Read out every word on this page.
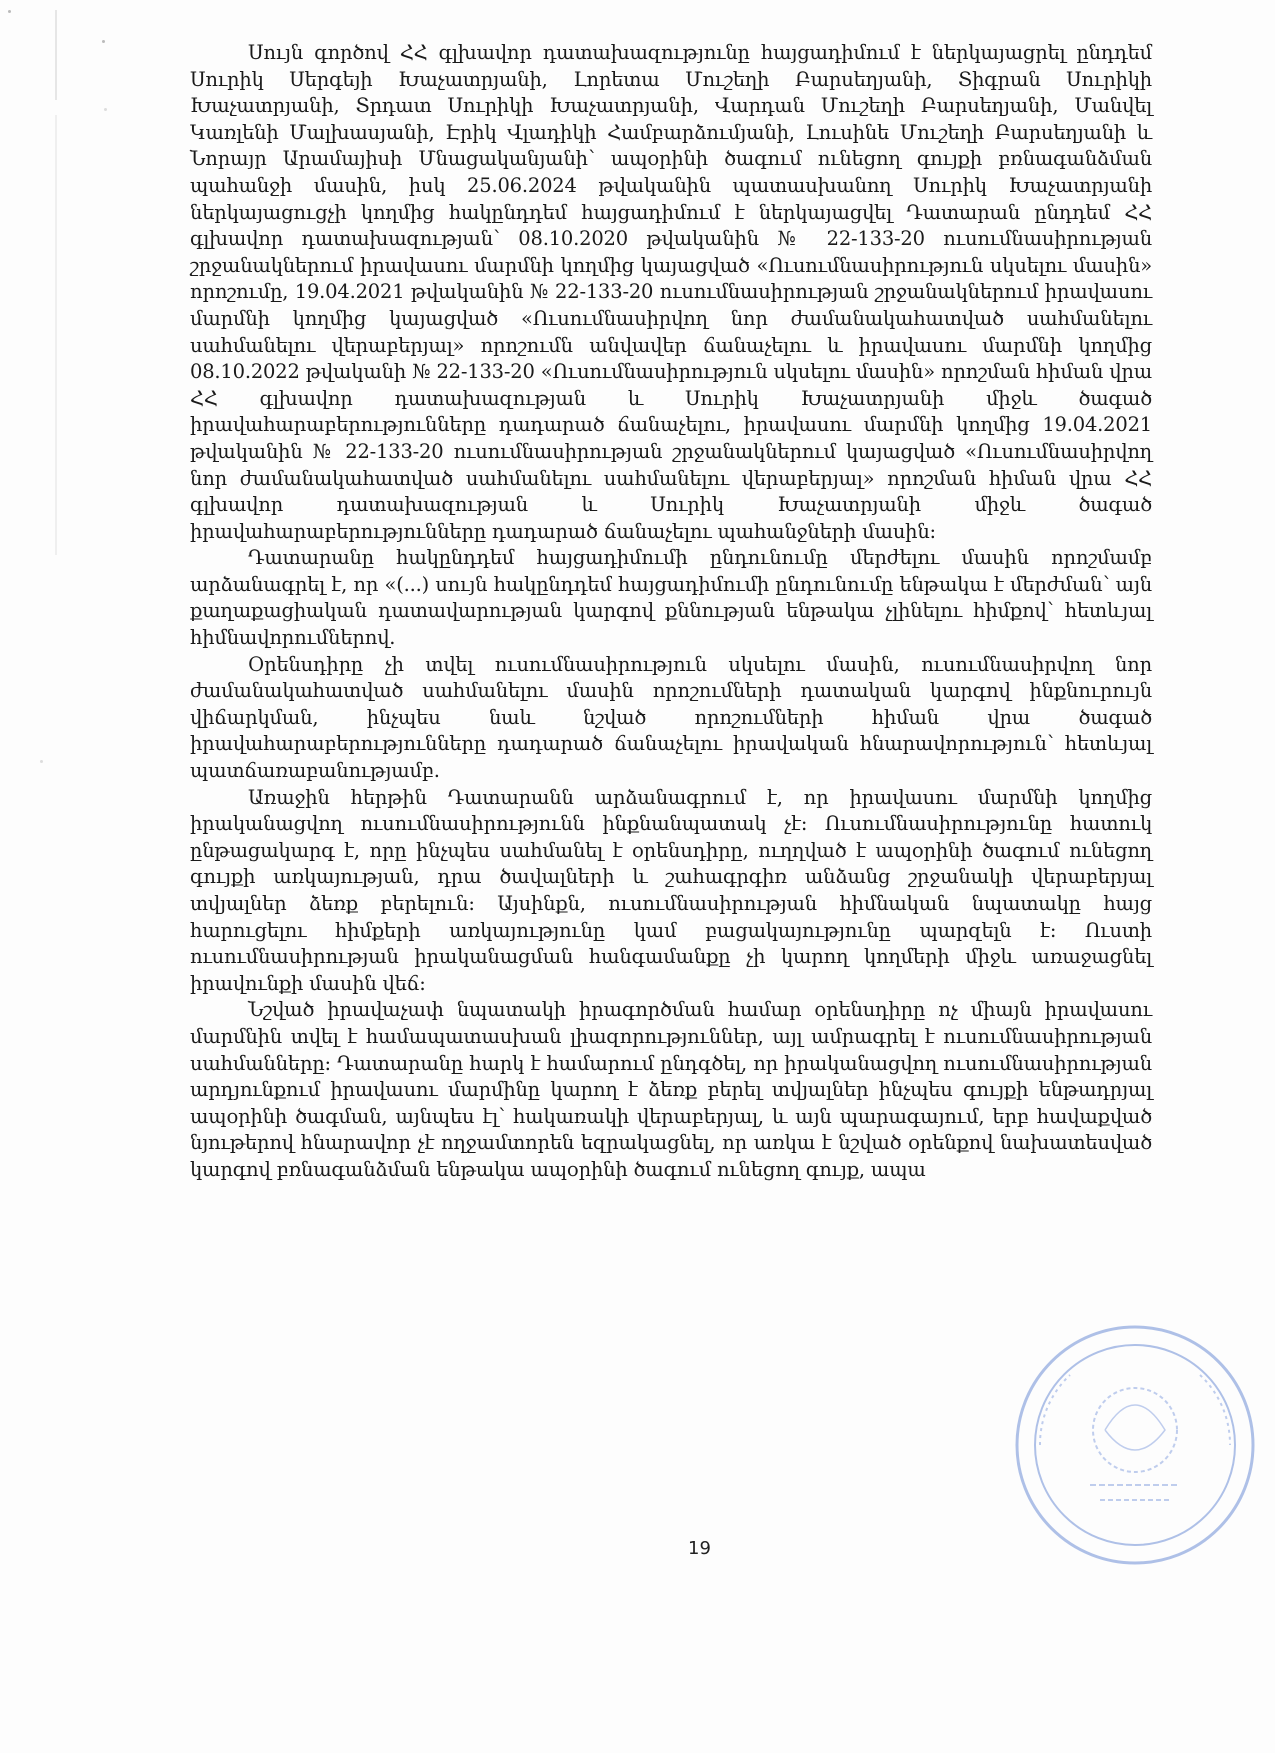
Սույն գործով ՀՀ գլխավոր դատախազությունը հայցադիմում է ներկայացրել ընդդեմ Սուրիկ Սերգեյի Խաչատրյանի, Լորետա Մուշեղի Բարսեղյանի, Տիգրան Սուրիկի Խաչատրյանի, Տրդատ Սուրիկի Խաչատրյանի, Վարդան Մուշեղի Բարսեղյանի, Մանվել Կառլենի Մալխասյանի, Էրիկ Վլադիկի Համբարձումյանի, Լուսինե Մուշեղի Բարսեղյանի և Նորայր Արամայիսի Մնացականյանի՝ ապօրինի ծագում ունեցող գույքի բռնագանձման պահանջի մասին, իսկ 25.06.2024 թվականին պատասխանող Սուրիկ Խաչատրյանի ներկայացուցչի կողմից հակընդդեմ հայցադիմում է ներկայացվել Դատարան ընդդեմ ՀՀ գլխավոր դատախազության՝ 08.10.2020 թվականին № 22-133-20 ուսումնասիրության շրջանակներում իրավասու մարմնի կողմից կայացված «Ուսումնասիրություն սկսելու մասին» որոշումը, 19.04.2021 թվականին № 22-133-20 ուսումնասիրության շրջանակներում իրավասու մարմնի կողմից կայացված «Ուսումնասիրվող նոր ժամանակահատված սահմանելու սահմանելու վերաբերյալ» որոշումն անվավեր ճանաչելու և իրավասու մարմնի կողմից 08.10.2022 թվականի № 22-133-20 «Ուսումնասիրություն սկսելու մասին» որոշման հիման վրա ՀՀ գլխավոր դատախազության և Սուրիկ Խաչատրյանի միջև ծագած իրավահարաբերությունները դադարած ճանաչելու, իրավասու մարմնի կողմից 19.04.2021 թվականին № 22-133-20 ուսումնասիրության շրջանակներում կայացված «Ուսումնասիրվող նոր ժամանակահատված սահմանելու սահմանելու վերաբերյալ» որոշման հիման վրա ՀՀ գլխավոր դատախազության և Սուրիկ Խաչատրյանի միջև ծագած իրավահարաբերությունները դադարած ճանաչելու պահանջների մասին:

Դատարանը հակընդդեմ հայցադիմումի ընդունումը մերժելու մասին որոշմամբ արձանագրել է, որ «(...) սույն հակընդդեմ հայցադիմումի ընդունումը ենթակա է մերժման՝ այն քաղաքացիական դատավարության կարգով քննության ենթակա չլինելու հիմքով՝ հետևյալ հիմնավորումներով.

Օրենսդիրը չի տվել ուսումնասիրություն սկսելու մասին, ուսումնասիրվող նոր ժամանակահատված սահմանելու մասին որոշումների դատական կարգով ինքնուրույն վիճարկման, ինչպես նաև նշված որոշումների հիման վրա ծագած իրավահարաբերությունները դադարած ճանաչելու իրավական հնարավորություն՝ հետևյալ պատճառաբանությամբ.

Առաջին հերթին Դատարանն արձանագրում է, որ իրավասու մարմնի կողմից իրականացվող ուսումնասիրությունն ինքնանպատակ չէ: Ուսումնասիրությունը հատուկ ընթացակարգ է, որը ինչպես սահմանել է օրենսդիրը, ուղղված է ապօրինի ծագում ունեցող գույքի առկայության, դրա ծավալների և շահագրգիռ անձանց շրջանակի վերաբերյալ տվյալներ ձեռք բերելուն: Այսինքն, ուսումնասիրության հիմնական նպատակը հայց հարուցելու հիմքերի առկայությունը կամ բացակայությունը պարզելն է: Ուստի ուսումնասիրության իրականացման հանգամանքը չի կարող կողմերի միջև առաջացնել իրավունքի մասին վեճ:

Նշված իրավաչափ նպատակի իրագործման համար օրենսդիրը ոչ միայն իրավասու մարմնին տվել է համապատասխան լիազորություններ, այլ ամրագրել է ուսումնասիրության սահմանները: Դատարանը հարկ է համարում ընդգծել, որ իրականացվող ուսումնասիրության արդյունքում իրավասու մարմինը կարող է ձեռք բերել տվյալներ ինչպես գույքի ենթադրյալ ապօրինի ծագման, այնպես էլ՝ հակառակի վերաբերյալ, և այն պարագայում, երբ հավաքված նյութերով հնարավոր չէ ողջամտորեն եզրակացնել, որ առկա է նշված օրենքով նախատեսված կարգով բռնագանձման ենթակա ապօրինի ծագում ունեցող գույք, ապա

19
